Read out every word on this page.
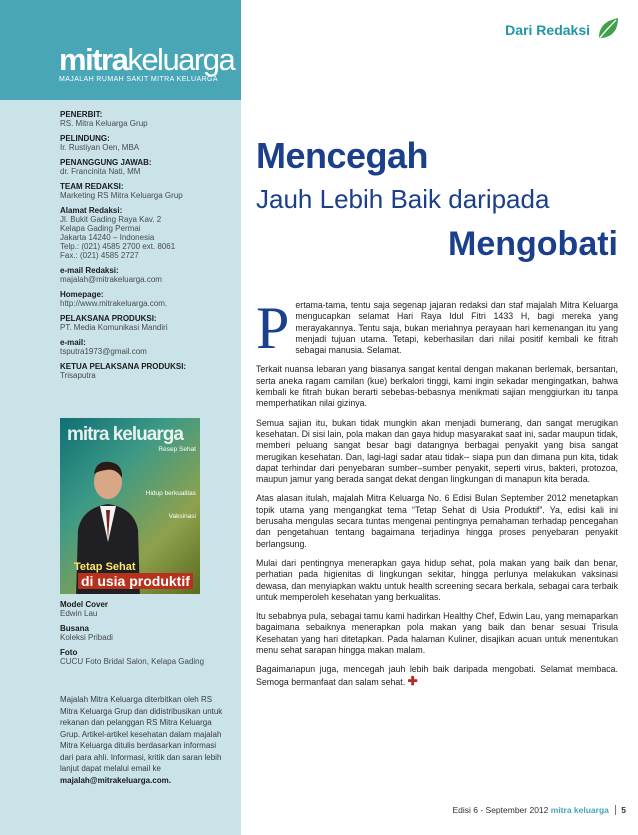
mitrakeluarga
MAJALAH RUMAH SAKIT MITRA KELUARGA
PENERBIT:
RS. Mitra Keluarga Grup
PELINDUNG:
Ir. Rustiyan Oen, MBA
PENANGGUNG JAWAB:
dr. Francinita Nati, MM
TEAM REDAKSI:
Marketing RS Mitra Keluarga Grup
Alamat Redaksi:
Jl. Bukit Gading Raya Kav. 2
Kelapa Gading Permai
Jakarta 14240 – Indonesia
Telp.: (021) 4585 2700 ext. 8061
Fax.: (021) 4585 2727
e-mail Redaksi:
majalah@mitrakeluarga.com
Homepage:
http://www.mitrakeluarga.com.
PELAKSANA PRODUKSI:
PT. Media Komunikasi Mandiri
e-mail:
tsputra1973@gmail.com
KETUA PELAKSANA PRODUKSI:
Trisaputra
mitra keluarga
Resep Sehat
Hidup berkualitas
Vaksinasi
Tetap Sehat
di usia produktif
Model Cover
Edwin Lau
Busana
Koleksi Pribadi
Foto
CUCU Foto Bridal Salon, Kelapa Gading
Majalah Mitra Keluarga diterbitkan oleh RS Mitra Keluarga Grup dan didistribusikan untuk rekanan dan pelanggan RS Mitra Keluarga Grup. Artikel-artikel kesehatan dalam majalah Mitra Keluarga ditulis berdasarkan informasi dari para ahli. Informasi, kritik dan saran lebih lanjut dapat melalui email ke majalah@mitrakeluarga.com.
Dari Redaksi
Mencegah
Jauh Lebih Baik daripada
Mengobati

Pertama-tama, tentu saja segenap jajaran redaksi dan staf majalah Mitra Keluarga mengucapkan selamat Hari Raya Idul Fitri 1433 H, bagi mereka yang merayakannya. Tentu saja, bukan meriahnya perayaan hari kemenangan itu yang menjadi tujuan utama. Tetapi, keberhasilan dari nilai positif kembali ke fitrah sebagai manusia. Selamat.

Terkait nuansa lebaran yang biasanya sangat kental dengan makanan berlemak, bersantan, serta aneka ragam camilan (kue) berkalori tinggi, kami ingin sekadar mengingatkan, bahwa kembali ke fitrah bukan berarti sebebas-bebasnya menikmati sajian menggiurkan itu tanpa memperhatikan nilai gizinya.

Semua sajian itu, bukan tidak mungkin akan menjadi bumerang, dan sangat merugikan kesehatan. Di sisi lain, pola makan dan gaya hidup masyarakat saat ini, sadar maupun tidak, memberi peluang sangat besar bagi datangnya berbagai penyakit yang bisa sangat merugikan kesehatan. Dan, lagi-lagi sadar atau tidak-- siapa pun dan dimana pun kita, tidak dapat terhindar dari penyebaran sumber–sumber penyakit, seperti virus, bakteri, protozoa, maupun jamur yang berada sangat dekat dengan lingkungan di manapun kita berada.

Atas alasan itulah, majalah Mitra Keluarga No. 6 Edisi Bulan September 2012 menetapkan topik utama yang mengangkat tema “Tetap Sehat di Usia Produktif”. Ya, edisi kali ini berusaha mengulas secara tuntas mengenai pentingnya pemahaman terhadap pencegahan dan pengetahuan tentang bagaimana terjadinya hingga proses penyebaran penyakit berlangsung.

Mulai dari pentingnya menerapkan gaya hidup sehat, pola makan yang baik dan benar, perhatian pada higienitas di lingkungan sekitar, hingga perlunya melakukan vaksinasi dewasa, dan menyiapkan waktu untuk health screening secara berkala, sebagai cara terbaik untuk memperoleh kesehatan yang berkualitas.

Itu sebabnya pula, sebagai tamu kami hadirkan Healthy Chef, Edwin Lau, yang memaparkan bagaimana sebaiknya menerapkan pola makan yang baik dan benar sesuai Trisula Kesehatan yang hari ditetapkan. Pada halaman Kuliner, disajikan acuan untuk menentukan menu sehat sarapan hingga makan malam.

Bagaimanapun juga, mencegah jauh lebih baik daripada mengobati. Selamat membaca. Semoga bermanfaat dan salam sehat. ✚

Edisi 6 - September 2012 mitra keluarga 5
